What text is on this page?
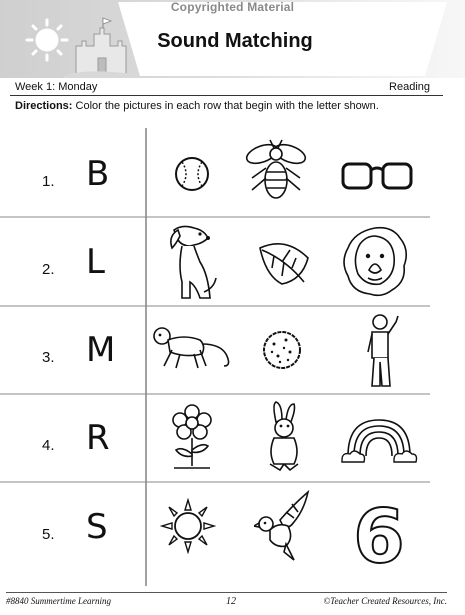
Copyrighted Material
Sound Matching
Week 1: Monday	Reading
Directions: Color the pictures in each row that begin with the letter shown.
1. B
2. L
3. M
4. R
5. S	6
#8840 Summertime Learning	12	©Teacher Created Resources, Inc.
